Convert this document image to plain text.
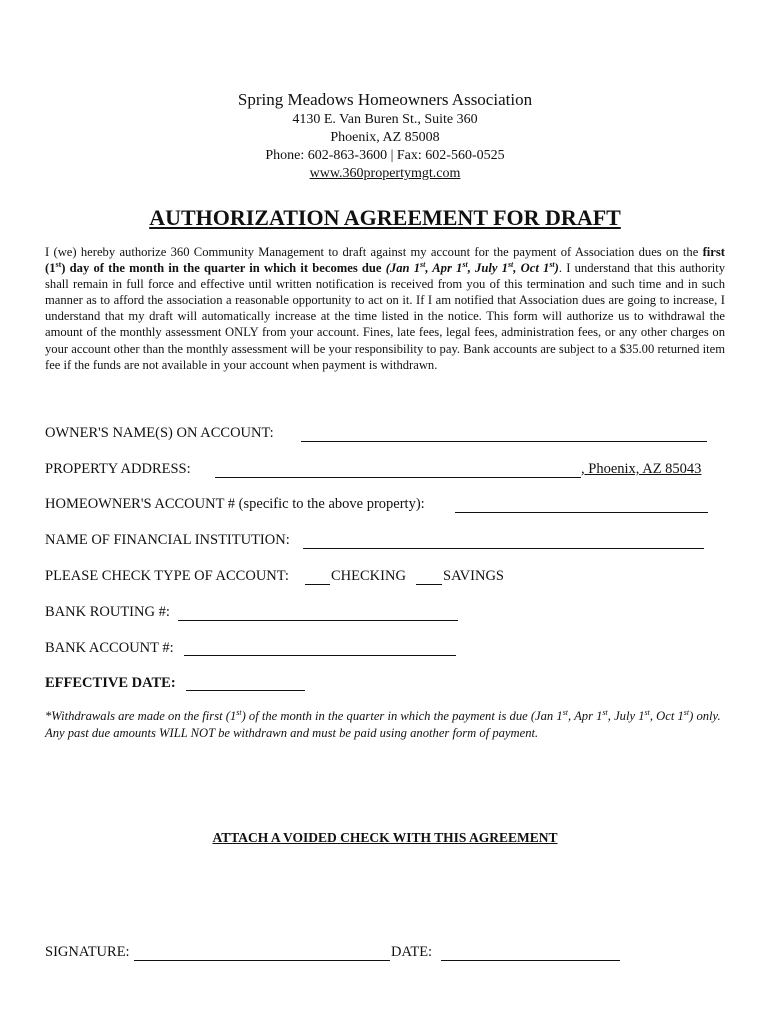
Spring Meadows Homeowners Association
4130 E. Van Buren St., Suite 360
Phoenix, AZ 85008
Phone: 602-863-3600 | Fax: 602-560-0525
www.360propertymgt.com
AUTHORIZATION AGREEMENT FOR DRAFT
I (we) hereby authorize 360 Community Management to draft against my account for the payment of Association dues on the first (1st) day of the month in the quarter in which it becomes due (Jan 1st, Apr 1st, July 1st, Oct 1st). I understand that this authority shall remain in full force and effective until written notification is received from you of this termination and such time and in such manner as to afford the association a reasonable opportunity to act on it. If I am notified that Association dues are going to increase, I understand that my draft will automatically increase at the time listed in the notice. This form will authorize us to withdrawal the amount of the monthly assessment ONLY from your account. Fines, late fees, legal fees, administration fees, or any other charges on your account other than the monthly assessment will be your responsibility to pay. Bank accounts are subject to a $35.00 returned item fee if the funds are not available in your account when payment is withdrawn.
OWNER'S NAME(S) ON ACCOUNT:
PROPERTY ADDRESS:	, Phoenix, AZ 85043
HOMEOWNER'S ACCOUNT # (specific to the above property):
NAME OF FINANCIAL INSTITUTION:
PLEASE CHECK TYPE OF ACCOUNT:	CHECKING	SAVINGS
BANK ROUTING #:
BANK ACCOUNT #:
EFFECTIVE DATE:
*Withdrawals are made on the first (1st) of the month in the quarter in which the payment is due (Jan 1st, Apr 1st, July 1st, Oct 1st) only. Any past due amounts WILL NOT be withdrawn and must be paid using another form of payment.
ATTACH A VOIDED CHECK WITH THIS AGREEMENT
SIGNATURE:	DATE:
